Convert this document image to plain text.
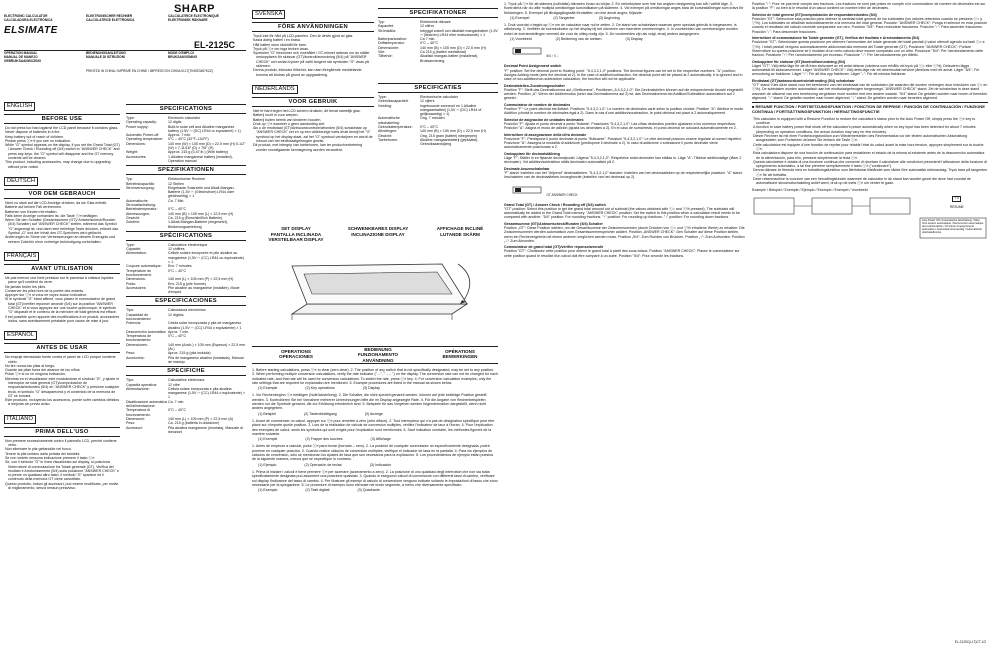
SHARP
ELECTRONIC CALCULATOR
CALCULADORA ELECTRÓNICA
ELEKTRONISCHER RECHNER
CALCOLATRICE ELETTRONICA
CALCULATRICE ÉLECTRONIQUE
ELEKTRONISK RÄKNARE
ELSIMATE
EL-2125C
OPERATION MANUAL
MANUAL DE MANEJO
GEBRUIKSAANWIJZING
BEDIENUNGSANLEITUNG
MANUALE DI ISTRUZIONI
MODE D'EMPLOI
BRUKSANVISNING
PRINTED IN CHINA / IMPRIMÉ EN CHINE / IMPRESO EN CHINA 01LT(TINSE0487KZZ)
ENGLISH
BEFORE USE
Do not press too hard against the LCD panel because it contains glass.
Never dispose of batteries in a fire.
Keep battery out of reach of children.
Please press ⓒ≡ if you see no indication.
While "G" symbol appears on the display, if you set the Grand Total (GT) / Answer Check / Rounding off (5/4) switch to "ANSWER CHECK" and press any keys, the "G" symbol will disappear and the GT memory contents will be cleared.
This product, including accessories, may change due to upgrading without prior notice.
DEUTSCH
VOR DEM GEBRAUCH
Nicht zu stark auf die LCD Anzeige drücken, da sie Glas enthält.
Batterie auf keinen Fall verbrennen.
Batterien von Kindern fernhalten.
Falls keine Anzeige vorhanden ist, die Taste ⓒ≡ betätigen.
Wenn Sie den Schalter (Gesamtsumme (GT)/ Antwortscheck/Runden (5/4) Schalter) auf "ANSWER CHECK" stellen, während das Symbol "G" angezeigt ist, und dann eine beliebige Taste drücken, erlischt das Symbol „G" und der Inhalt des GT-Speichers wird gelöscht.
Änderungen im Sinne von Verbesserungen an diesem Erzeugnis und seinem Zubehör ohne vorherige Ankündigung vorbehalten.
FRANÇAIS
AVANT UTILISATION
Ne pas exercer une forte pression sur le panneau à cristaux liquides parce qu'il contient du verre.
Ne jamais brûler les piles.
Conserver les piles hors de la portée des enfants.
Appuyer sur ⓒ≡ si vous ne voyez aucun indicateur.
Si le symbole "G" étant affiché, vous placez le commutateur de grand total (GT)/vérifier réponse/ arrondir (5/4) sur la position "ANSWER CHECK" et si vous appuyez sur une touche quelconque, le symbole "G" disparaît et le contenu de la mémoire de total général est effacé.
Il est possible qu'en apporte des modifications à ce produit, accessoires inclus, sans avertissement préalable pour cause de mise à jour.
ESPAÑOL
ANTES DE USAR
No empuje demasiado fuerte contra el panel de LCD porque contiene vidrio.
No tire nunca las pilas al fuego.
Guarde las pilas fuera del alcance de los niños.
Pulse ⓒ≡ si no ve ninguna indicación.
Mientras en el visualizador esté mostrándose el símbolo "G", y ajuste el interruptor de total general (GT)/comprobación de respuesta/redondeo (5/4) en "ANSWER CHECK" y presione cualquier tecla, el símbolo "G" desaparecerá y el contenido de la memoria de GT se borrará.
Este producto, incluyendo los accesorios, puede sufrir cambios debidos a mejoras sin previo aviso.
ITALIANO
PRIMA DELL'USO
Non premere eccessivamente contro il pannello LCD, perché contiene vetro.
Non eliminare le pile gettandole nel fuoco.
Tenere la pila lontano dalla portata dei bambini.
Se non vedete nessuna indicazione premere il tasto ⓒ≡.
Se, con il simbolo "G" in linea visualizzato sul display, si posiziona l'interruttore di commutazione fra Totale generale (GT), Verifica del risultato e Arrotondamento (5/4) sulla posizione "ANSWER CHECK" e si preme un qualsiasi altro tasto, il simbolo "G" sparisce ed il contenuto della memoria GT viene cancellato.
Questo prodotto, inclusi gli accessori, può essere modificato, per motivi di miglioramento, senza nessun preavviso.
SPECIFICATIONS
Type:	Electronic calculator
Operating capacity:	12 digits
Power supply:	Built-in solar cell and Alkaline manganese battery (1.5V ⎓ (DC) LR44 or equivalent) × 1)
Automatic Power-off:	Approx. 7 min.
Operating temperature:	0°C – 40°C (32°F–104°F)
Dimensions:	140 mm (W) × 105 mm (D) × 22.5 mm (H) 5‑1/2" (W) × 7‑11/16" (D) × 7/8" (H)
Weight:	Approx. 215 g (0.47 lb.) (With battery)
Accessories:	1 Alkaline manganese battery (installed), Operation manual
SPEZIFIKATIONEN
Typ:	Elektronischer Rechner
Betriebskapazität:	12 Stellen
Stromversorgung:	Eingebaute Solarzelle und Alkali-Mangan-Batterie (1,5V ⎓ (Gleichstrom) LR44 oder gleichwertig) × 1
Automatische Stromabschaltung:
Ca. 7 Min.
Betriebstemperatur:	0°C – 40°C
Abmessungen:	140 mm (B) × 105 mm (L) × 22,5 mm (H)
Gewicht:	Ca. 215 g (Einschließlich Batterie)
Zubehör:	1 Alkali-Mangan-Batterie (eingesetzt), Bedienungsanleitung
SPÉCIFICATIONS
Type:	Calculatrice électronique
Capacité:	12 chiffres
Alimentation:	Cellule solaire incorporée et pile alcaline au manganèse (1,5V ⎓ (CC) LR44 ou équivalente) × 1
Coupure automatique:	Env. 7 minutes
Température de fonctionnement:
0°C – 40°C
Dimensions:	140 mm (L) × 105 mm (P) × 22,5 mm (H)
Poids:	Env. 215 g (pile fournie)
Accessoires:	Pile alcaline au manganèse (installée), Mode d'emploi
ESPECIFICACIONES
Tipo:	Calculadora electrónica
Capacidad de funcionamiento:
12 dígitos
Potencia:	Célula solar incorporada y pila de manganeso alcalino (1,5V ⎓ (CC) LR44 o equivalente) × 1
Desconexión automática: Aprox. 7 min.
Temperatura de funcionamiento:
0°C – 40°C
Dimensiones:	140 mm (Anch.) × 105 mm (Espesor) × 22,5 mm (Al.)
Peso:	Aprox. 215 g (pila incluida)
Accesorios:	Pila de manganeso alcalino (instalada), Manual de manejo
SPECIFICHE
Tipo:	Calcolatrice elettronica
Capacità operativa:	12 cifre
Alimentazione:	Cellula solare incorporata e pila alcalina manganese (1,5V ⎓ (CC) LR44 o equivalente) × 1
Disattivazione automatica dell'alimentazione:
Ca. 7 min.
Temperatura di funzionamento:
0°C – 40°C
Dimensioni:	140 mm (L) × 105 mm (P) × 22,5 mm (A)
Peso:	Ca. 215 g (batteria in dotazione)
Accessori:	Pila alcalina manganese (montata), Manuale di istruzioni
SVENSKA
FÖRE ANVÄNDNINGEN
Tryck inte för hårt på LCD-panelen. Den är delvis gjord av glas.
Kasta aldrig batteri i en brasa.
Håll batteri utom räckhåll för barn.
Tryck på ⓒ≡ om inga tecken visas.
Symbolen "G" försvinner och innehållet i GT-minnet raderas om du ställer omkopplaren för slutsvar (GT)/kontroll/avrundning (5/4) på "ANSWER CHECK" och sedan trycker på valfri tangent när symbolen "G" visas på skärmen.
Denna produkt, inklusive tillbehör, kan utan föregående meddelande komma att ändras på grund av uppgradering.
NEDERLANDS
VOOR GEBRUIK
Niet te hard tegen het LCD scherm drukken, dit bevat namelijk glas.
Batterij nooit in vuur werpen.
Batterij buiten bereik van kinderen houden.
Druk op ⓒ≡ wanneer u geen aanduiding ziet.
Als u de eindtotaal (GT)/Antwoordcontrole/afronden (5/4) schakelaar op "ANSWER CHECK" zet en op een willekeurige toets drukt terwijl het "G" symbool op het display staat, zal het "G" symbool verdwijnen en wordt de inhoud van het eindtotaalgeheugen gewist.
Dit product, met inbegrip van toebehoren, kan ter productverbetering zonder voorafgaande kennisgeving worden veranderd.
SPECIFIKATIONER
Typ:	Elektronisk räknare
Kapacitet:	12 siffror
Strömkälla:	Inbyggd solcell och alkaliskt manganbatteri (1,5V ⎓ (likström) LR44 eller motsvarande) × 1
Batteriparkulation:	Ca 7 min.
Driftstemperatur:	0°C – 40°C
Dimensioner:	140 mm (B) × 105 mm (D) × 22,5 mm (H)
Vikt:	Ca 215 g (batteri medräknat)
Tillbehör:	Alkaliskt mangan-batteri (installerat), Bruksanvisning
SPECIFICATIES
Type:	Electronische calculator
Gebruikscapaciteit:	12 cijfers
Voeding:	Ingebouwde zonnecel en 1 Alkaline mangaanbatterij (1,5V ⎓ (DC) LR44 of gelijkwaardig) × 1)
Automatische uitschakeling:
Ong. 7 minuten
Gebruikstemperatuur:	0°C – 40°C
Afmetingen:	140 mm (B) × 105 mm (D) × 22,5 mm (H)
Gewicht:	Ong. 215 gram (batterij inbegrepen)
Toebehoren:	Alkaline mangaanbatterij (geplaatst), Gebruiksaanwijzing
SET DISPLAY
PANTALLA INCLINADA
VERSTELBAAR DISPLAY
SCHWENKBARES DISPLAY
INCLINAZIONE DISPLAY
AFFICHAGE INCLINÉ
LUTANDE SKÄRM
OPERATIONS
OPERACIONES
BEDIENUNG
FUNZIONAMENTO
ANVÄNDNING
OPÉRATIONS
BEWERKINGEN
1. Before starting calculations, press ⓒ≡ to clear (zero clear). 2. The position of any switch that is not specifically designated, may be set to any position. 3. When performing multiple conversion calculations, verify the rate indicator ("→", "→←") on the display. The conversion rate can not be changed for each indicated rate, and that rate will be used for conversion calculations. To switch the rate, press ⓒ≡ key. 4. For conversion calculation examples, only the rate settings that are required for explanation are mentioned. 5. Example procedures are listed in the manual as shown below.
(1) Example	(2) Key operations	(3) Display
1. Vor Rechenbeginn ⓒ≡ betätigen (Nullrückstellung). 2. Die Schalter, die nicht speziell genannt werden, können auf jede beliebige Position gestellt werden. 3. Kontrollieren Sie bei Vornahme mehrerer Umrechnungen bitte die im Display angezeigte Rate. 4. Für die Angabe von Rechenbeispielen werden nur die Symbole genannt, die zur Erklärung erforderlich sind. 5. Beispiele für das Vorgehen werden folgendermaßen dargestellt, wenn nicht anders angegeben.
(1) Beispiel	(2) Tastenbetätigung	(3) Anzeige
1. Avant de commencer un calcul, appuyer sur ⓒ≡ pour remettre à zéro (zéro effacé). 2. Tout interrupteur qui n'a pas de désignation spécifique peut être placé sur n'importe quelle position. 3. Lors de la réalisation de calculs de conversion multiples, vérifiez l'indicateur de taux à l'écran. 4. Pour l'explication des exemples de calcul, seuls les symboles qui sont exigés pour l'explication sont mentionnés. 5. Sauf indication contraire, les méthodes figurent de la manière suivante.
(1) Exemple	(2) Frappe des touches	(3) Affichage
1. Antes de empezar a calcular, pulse ⓒ≡ para borrar (borrado – cero). 2. La posición de cualquier conmutador no específicamente designada, podrá ponerse en cualquier posición. 3. Cuando realice cálculos de conversión múltiples, verifique el indicador de tasa en la pantalla. 4. Para los ejemplos de cálculos de conversión, sólo se mencionan los ajustes de tasa que son necesarios para la explicación. 5. Los procedimientos de ejemplo están puestos de la siguiente manera, menos que se especifique lo contrario.
(1) Ejemplo	(2) Operación de teclas	(3) Indicación
1. Prima di iniziare i calcoli è bene premere ⓒ≡ per azzerare (azzeramento a zero). 2. La posizione di uno qualsiasi degli interruttori che non sia stata specificatamente designata può assumere una posizione qualsiasi. 3. Quando si eseguono calcoli di conversione con differenti tassi di cambio, verificare sul display l'indicatore del tasso di cambio. 4. Per illustrare gli esempi di calcolo di conversione vengono indicate soltanto le impostazioni di tasso che sono necessarie per la spiegazione. 5. Le procedure di esempio sono elencate nel modo seguente, a meno che diversamente specificato.
(1) Esempio	(2) Tasti digitati	(3) Quadrante
1. Tryck på ⓒ≡ för att stämma (nollställa) räknaren innan du börjar. 2. En strömbrytare som inte har angiven designering kan stå i valfritt läge. 3. Kontrollera när du utför multipla omräkningar kursindikatorn på skärmen. 4. Vid exempel på omräkningar anges bara de kursinställningar som krävs för förklaringen. 5. Exempel på tillvägagångssätt förutsätter, om inte annat anges, följande:
(1) Exempel	(2) Tangenter	(3) Angivning
1. Druk voordat u begint op ⓒ≡ om de calculator naar nul te zetten. 2. De stand van schakelaars waarvan geen speciaal gebruik is toegewezen, is willekeurig. 3. Verifiëer de koersindicator op het display bij het uitvoeren van meerdere omrekeningen. 4. In voorbeelden van omrekeningen worden enkel de koersinstellingen vermeld die voor de uitleg nodig zijn. 5. De voorbeelden zijn als volgt, tenzij anders aangegeven.
(1) Voorbeeld	(2) Bediening van de toetsen	(3) Display
5/4 ↑ 0 ↓
Decimal Point Assignment switch
"F" position: Set the decimal point to 'floating point'. "5,4,3,2,1,0" positions: The decimal figures can be set to the respective numbers. "A" position: Assigns Adding mode (sets the decimal at 2). In the case of addition/subtraction, the decimal point will be placed at 2 automatically. It is ignored and in case of non-addition/non-subtraction calculation, the function will not be applicable.
Dezimalstellen-Zuordnungsschalter
Position "F": Stellt das Dezimalkomma auf „Gleitkomma". Positionen „5,4,3,2,1,0": Die Dezimalstellen können auf die entsprechende Anzahl eingestellt werden. Position „A": Wenn der Addiermodus (setzt das Dezimalkomma auf 2) ist, das Dezimalkomma bei Addition/Subtraktion automatisch auf 2 gesetzt.
Commutateur de nombre de décimales
Position "F": Le point décimal est flottant. Positions "5,4,3,2,1,0": Le nombre de décimales varie selon la position choisie. Position "A": Attribue le mode Addition (choisit le nombre de décimales égal à 2). Dans le cas d'une addition/soustraction, le point décimal est placé à 2 automatiquement.
Selector de asignación de unidades decimales
Posición "F": Ajusta el punto decimal a punto 'flotante'. Posiciones "5,4,3,2,1,0": Las cifras decimales pueden ajustarse a los números respectivos. Posición "A": Asigna el modo de adición (ajusta los decimales a 2). En el caso de suma/resta, el punto decimal se colocará automáticamente en 2.
Interruttore di assegnazione della cifra decimale
Posizione "F": Predispone il punto decimale al punto "fluttuante". Posizioni "5,4,3,2,1,0": Le cifre decimali possono essere regolate ai numeri rispettivi. Posizione "A": Assegna la modalità di addizione (predispone il decimale a 2). In caso di addizione o sottrazione il punto decimale viene automaticamente posizionato a 2.
Omkopplare för decimalställning
Läge "F": Ställer in en flytande decimalpunkt. Lägena "5,4,3,2,1,0": Respektive antal decimaler kan ställas in. Läge "A": Tilldelar additionsläge (låser 2 decimaler). Vid addition/subtraktion ställs decimalen automatiskt på 2.
Decimale-keuzeschakelaar
"F" stand: Instellen van het "drijvend" decimaalteken. "5,4,3,2,1,0" standen: Instellen van het decimaalteken op de respectievelijke plaatsen. "A" stand: Inschakelen van de decimaalteken-invoegfunctie (instellen van het decimaal op 2).
GT ANSWER CHECK
Grand Total (GT) / Answer Check / Rounding off (5/4) switch
"GT" position: Select this position to get the grand total amount out of subtotal (the values obtained with ⓒ= and ⓒ% pressed). The subtotals will automatically be added to the Grand Total memory. "ANSWER CHECK" position: Set the switch to this position when a calculation result needs to be compared with another. "5/4" position: For rounding fractions. "↑" position: For rounding up fractions. "↓" position: For rounding down fractions.
Gesamtsumme (GT)/Antwortscheck/Runden (5/4) Schalter
Position „GT": Diese Position wählen, um die Gesamtsumme der Zwischensummen (durch Drücken von ⓒ= und ⓒ% erhaltene Werte) zu erhalten. Die Zwischensummen werden automatisch zum Gesamtsummenspeicher addiert. Position „ANSWER CHECK": Den Schalter auf diese Position stellen, wenn ein Rechenergebnis mit einem anderen verglichen werden muss. Position „5/4": Zum Runden von Brüchen. Position „↑": Zum Aufrunden. Position „↓": Zum Abrunden.
Commutateur de grand total (GT)/vérifier réponse/arrondir
Position "GT": Choisissez cette position pour obtenir le grand total à partir des sous-totaux. Position "ANSWER CHECK": Placez le commutateur sur cette position quand le résultat d'un calcul doit être comparé à un autre. Position "5/4": Pour arrondir les fractions.
Position "↑": Pour ne pas tenir compte des fractions. Les fractions ne sont pas prises en compte si le commutateur de nombre de décimales est sur la position "F"; ou bien si le résultat d'un calcul contient un nombre infini de décimales.
Selector de total general (GT)/comprobación de respuesta/redondeo (5/4)
Posición "GT": Seleccione esta posición para obtener la cantidad total general de los subtotales (los valores obtenidos cuando se presiona ⓒ= y ⓒ%). Los subtotales se añadirán automáticamente a la memoria del total general. Posición "ANSWER CHECK": Ponga el selector en esta posición cuando el resultado del cálculo necesite compararse con otro. Posición "5/4": Para redondear fracciones. Posición "↑": Para ascender fracciones. Posición "↓": Para descender fracciones.
Interruttore di commutazione fra Totale generale (GT), Verifica del risultato e Arrotondamento (5/4)
Posizione "GT": Selezionare questa posizione per ottenere l'ammontare del totale generale dei totali parziali (i valori ottenuti agendo sui tasti ⓒ= e ⓒ%). I totali parziali vengono automaticamente addizionati alla memoria del Totale generale (GT). Posizione "ANSWER CHECK": Portare l'interruttore su questa posizione se il risultato di un certo calcolo deve essere comparato con un altro. Posizione "5/4": Per l'arrotondamento delle frazioni. Posizione "↑": Per l'arrotondamento per eccesso. Posizione "↓": Per l'arrotondamento per difetto.
Omkopplare för slutsvar (GT)/kontroll/avrundning (5/4)
Läget "GT": Välj detta läge för att få fram slutsvaret av ett antal delsvar (värdena som erhålls vid tryck på ⓒ= eller ⓒ%). Delsvaren läggs automatiskt till slutsvarsminnet. Läget "ANSWER CHECK": Välj detta läge när ett räneresultat behöver jämföras med ett annat. Läget "5/4": För avrundning av fraktioner. Läget "↑": För att öka upp fraktioner. Läget "↓": För att minska fraktioner.
Eindtotaal (GT)/antwoordcontrole/afronding (5/4) schakelaar
"GT" stand: Kies deze stand voor het berekenen van het eindtotaal van de subtotalen (de waarden die worden verkregen door indrukken van ⓒ= en ⓒ%). De subtotalen worden automatisch aan het eindtotaalgeheugen toegevoegd. "ANSWER CHECK" stand: Zet de schakelaar in deze stand wanneer de uitkomst van een berekening vergeleken moet worden met een andere waarde. "5/4" stand: De getallen worden naar boven of beneden afgerond. "↑" stand: De getallen worden naar boven afgerond. "↓" stand: De getallen worden naar beneden afgerond.
■ RESUME FUNCTION / FORTSETZUNGSFUNKTION / FONCTION DE REPRISE / FUNCIÓN DE CONTINUACIÓN / FUNZIONE CONTINUA / FORTSÄTTNINGSFUNKTION / HERVATTINGSFUNCTIE
This calculator is equipped with a Resume Function to restore the calculator's status prior to the Auto Power Off, simply press the ⓒ≡ key to continue.
A function to save battery power that shuts off the calculator's power automatically when no key input has been detected for about 7 minutes (depending on operation conditions, the actual duration may vary for few minutes).
Dieser Rechner ist mit einer Fortsetzungsfunktion zum Wiederherstellen des Rechnerstatus vor der letzten automatischen Abschaltung ausgestattet; zum Fortsetzen drücken Sie einfach die Taste ⓒ≡.
Cette calculatrice est équipée d'une fonction de reprise pour rétablir l'état du calcul avant la mise hors tension, appuyez simplement sur la touche ⓒ≡.
Esta calculadora dispone de una función de continuación para restablecer el estado de la misma al existente antes de la desconexión automática de la alimentación, para ello, presione simplemente la tecla ⓒ≡.
Questa calcolatrice è dotata di una funzione continua che consente di riportare il calcolatore alle condizioni precedenti l'attivazione della funzione di spegnimento automatico, a tal fine premere semplicemente il tasto ⓒ≡ ("continuare").
Denna räknare är försedd med en fortsättningsfunktion som återhämtar tillståndet som rådde före automatisk strömavslag. Tryck bara på tangenten ⓒ≡ för att fortsätta.
Deze rekenmachine is voorzien van een hervattingsfunctie waarmee de calculator in de stand kan worden gezet die deze had voordat de automatische stroomuitschakeling actief werd; druk op de toets ⓒ≡ om verder te gaan.
Example / Beispiel / Exemple / Ejemplo / Esempio / Exempel / Voorbeeld
ⓒ≡
RESUME
Auto Power Off / Automatische Abschaltung / Mise hors tension automatique / Déconnexion automatique de la alimentación / Funzione di spegnimento automatico / Automatisk strömavslag / Automatische uitschakelfunctie
EL-2125C(LLT)CT-1/2
